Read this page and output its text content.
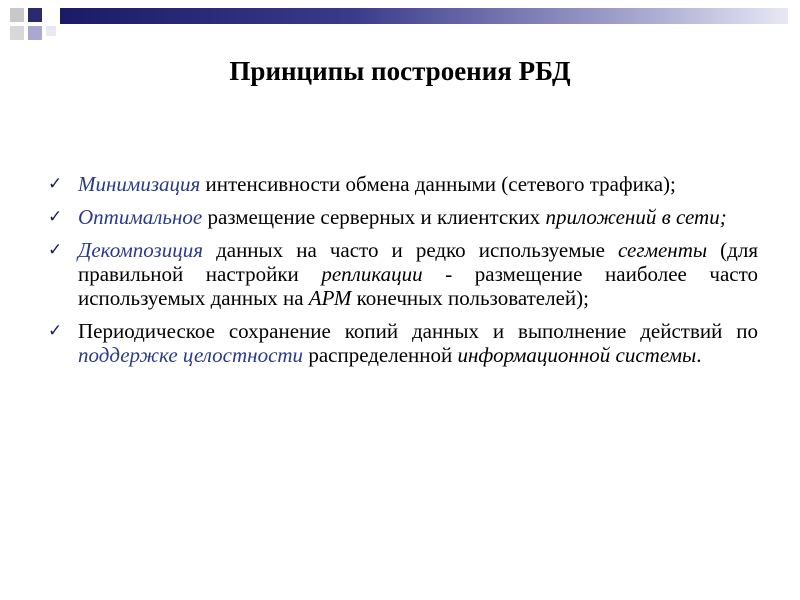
Принципы построения РБД
✓ Минимизация интенсивности обмена данными (сетевого трафика);
✓ Оптимальное размещение серверных и клиентских приложений в сети;
✓ Декомпозиция данных на часто и редко используемые сегменты (для правильной настройки репликации - размещение наиболее часто используемых данных на АРМ конечных пользователей);
✓ Периодическое сохранение копий данных и выполнение действий по поддержке целостности распределенной информационной системы.
